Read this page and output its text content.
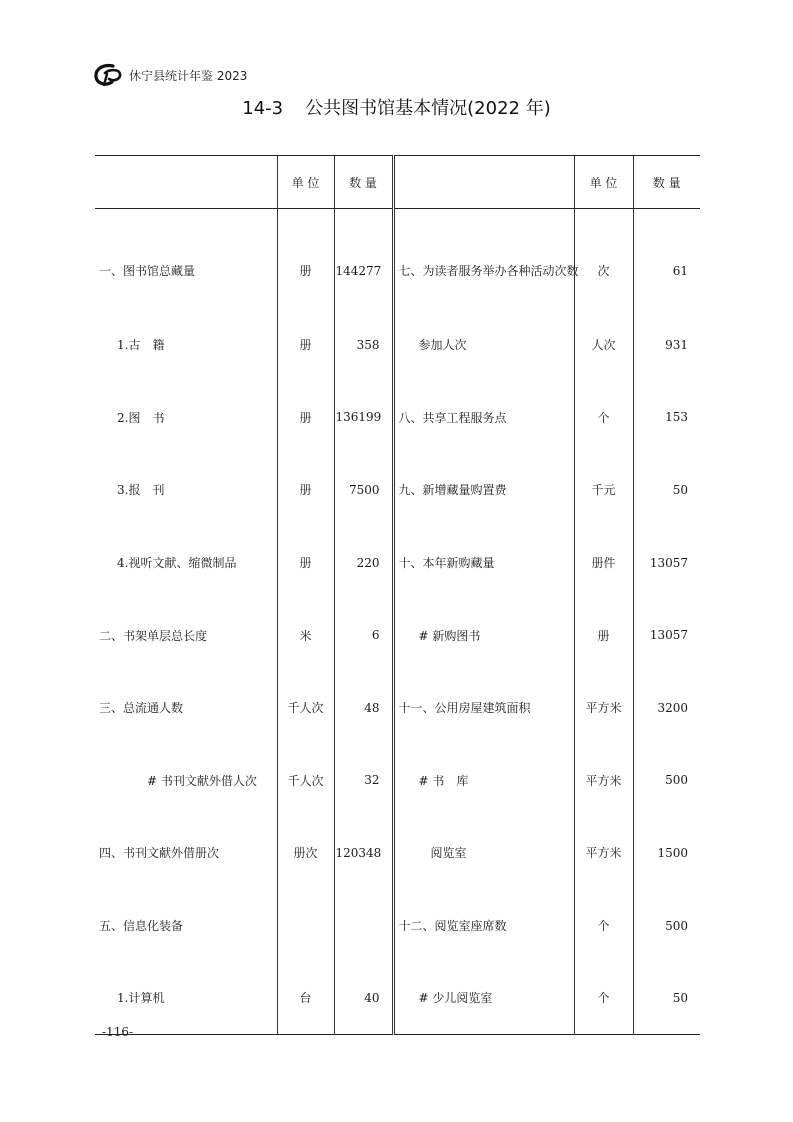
休宁县统计年鉴 2023
14-3 公共图书馆基本情况(2022 年)
	单 位	数 量		单 位	数 量
一、图书馆总藏量	册	144277	七、为读者服务举办各种活动次数	次	61
1.古　籍	册	358	参加人次	人次	931
2.图　书	册	136199	八、共享工程服务点	个	153
3.报　刊	册	7500	九、新增藏量购置费	千元	50
4.视听文献、缩微制品	册	220	十、本年新购藏量	册件	13057
二、书架单层总长度	米	6	# 新购图书	册	13057
三、总流通人数	千人次	48	十一、公用房屋建筑面积	平方米	3200
# 书刊文献外借人次	千人次	32	# 书　库	平方米	500
四、书刊文献外借册次	册次	120348	阅览室	平方米	1500
五、信息化装备			十二、阅览室座席数	个	500
1.计算机	台	40	# 少儿阅览室	个	50
-116-
